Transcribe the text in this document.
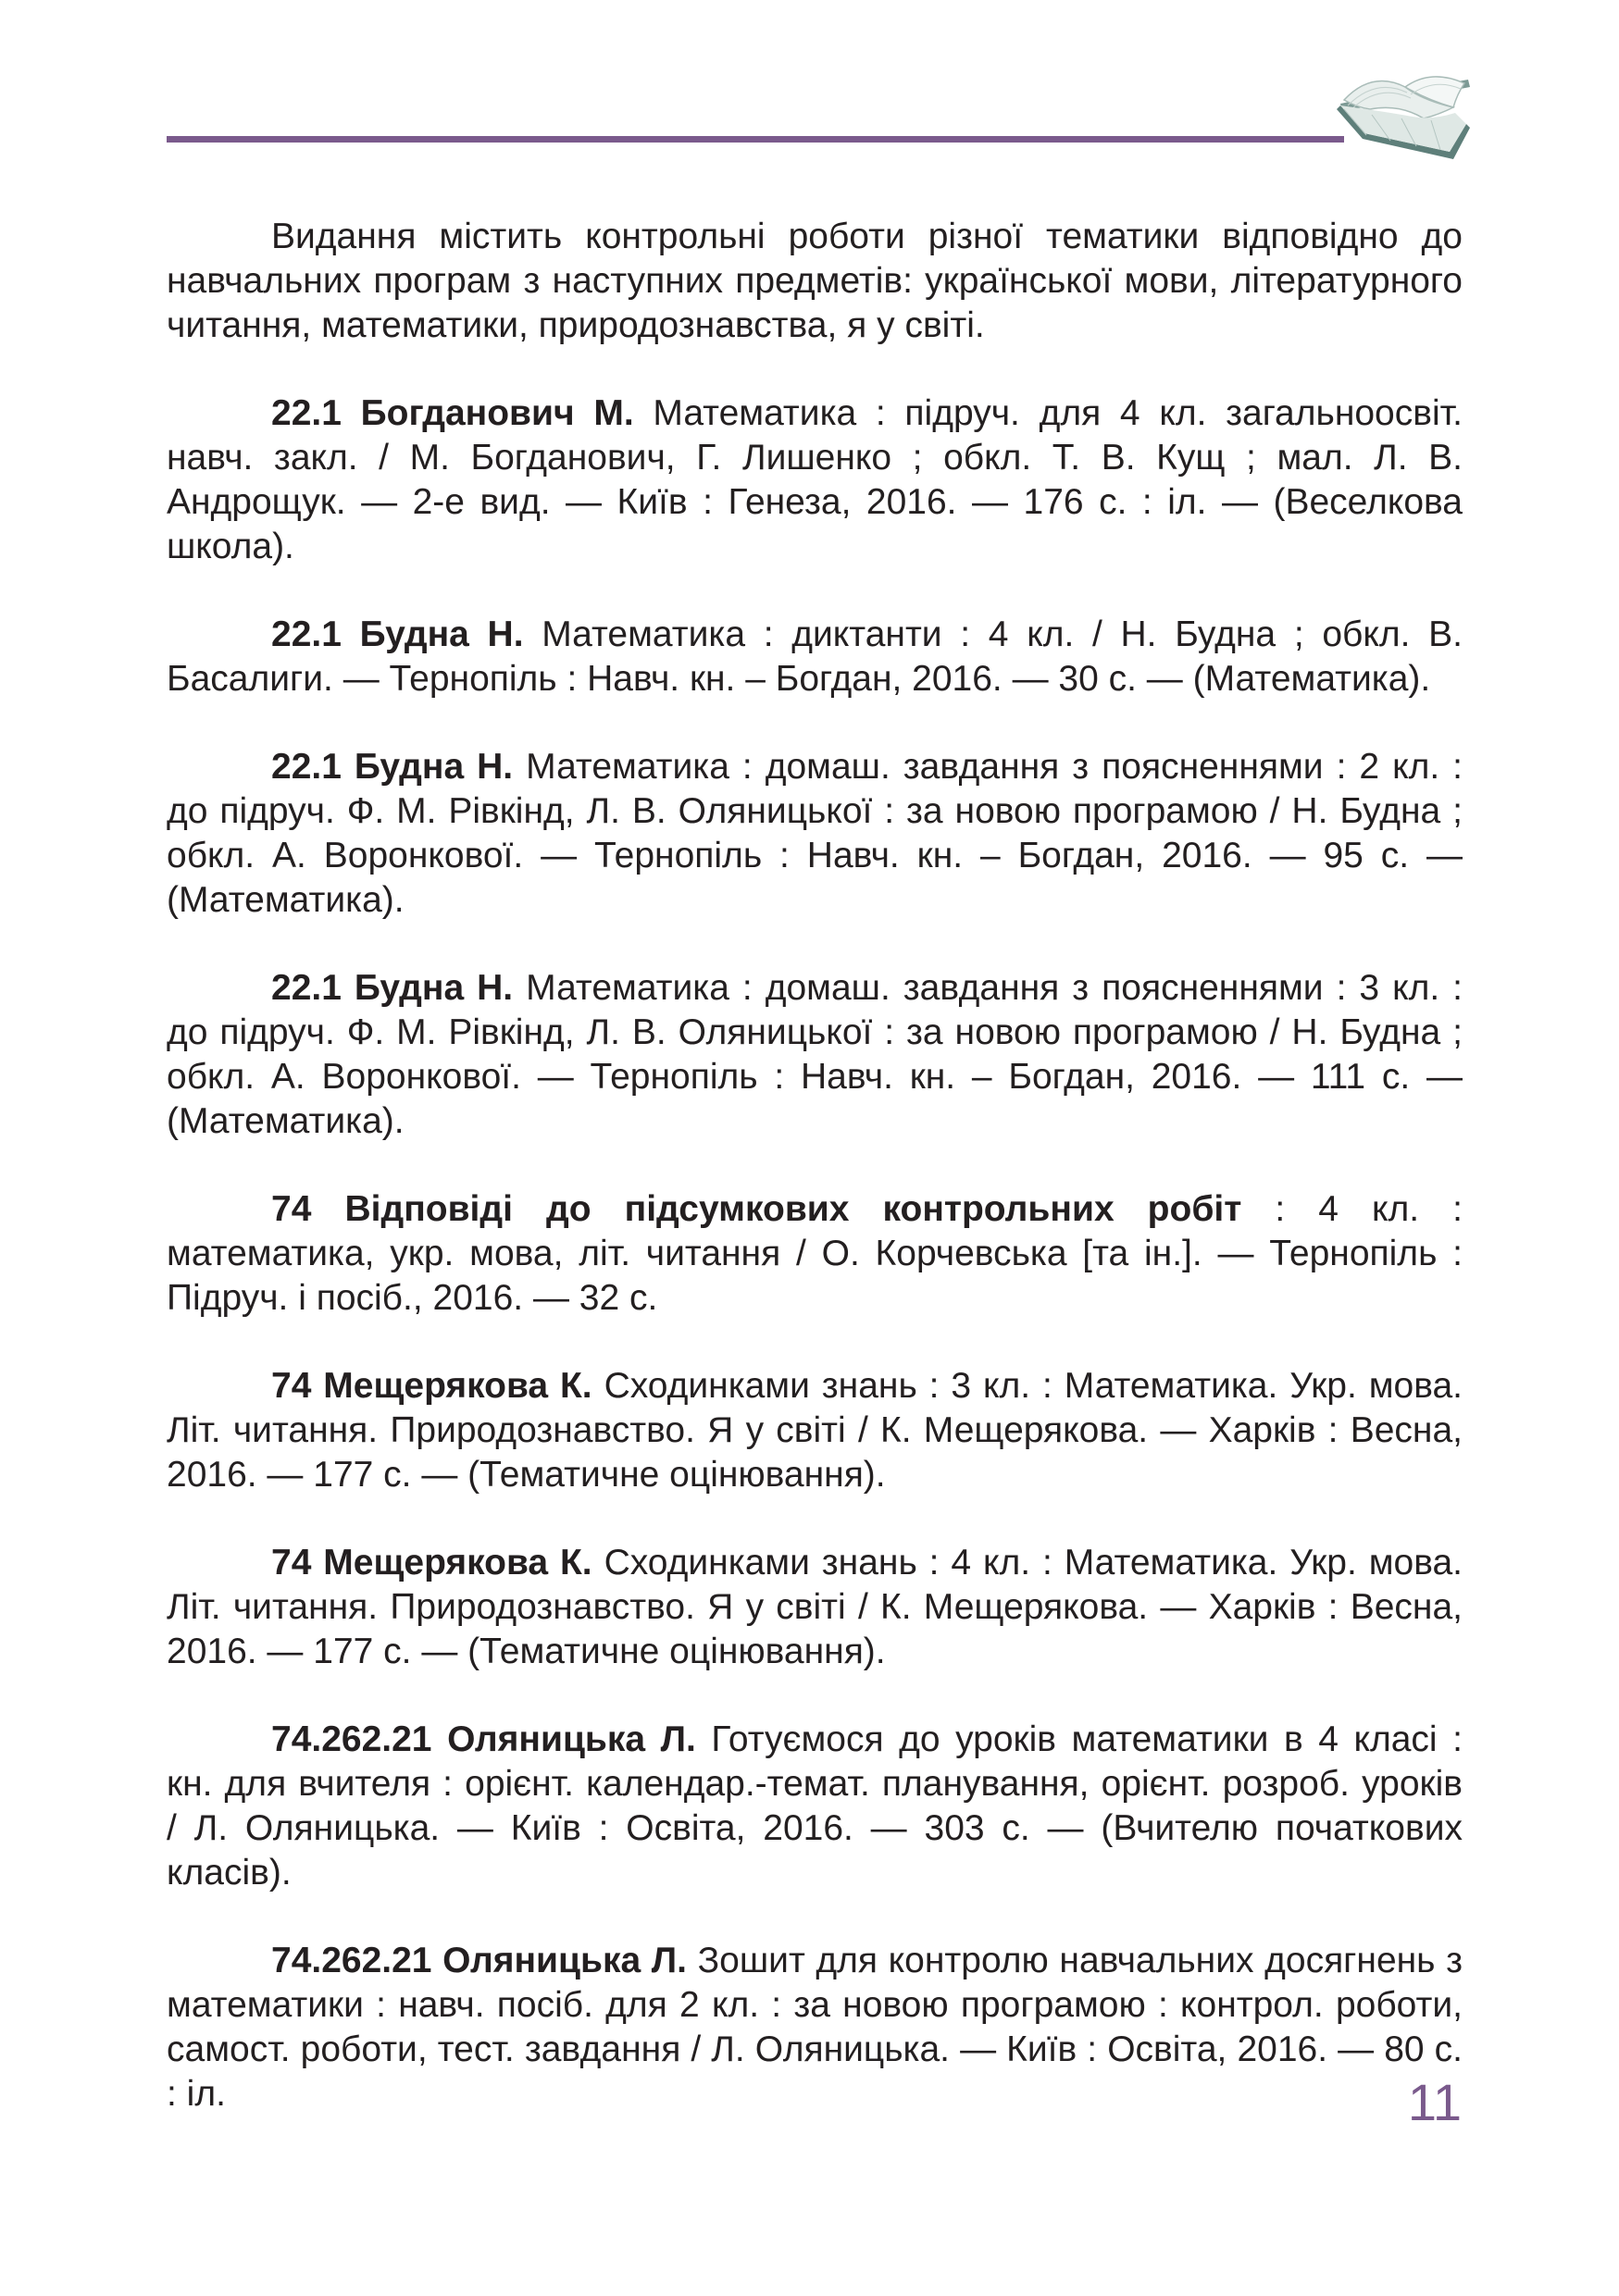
Видання містить контрольні роботи різної тематики відповідно до навчальних програм з наступних предметів: української мови, літературного читання, математики, природознавства, я у світі.

22.1 Богданович М. Математика : підруч. для 4 кл. загальноосвіт. навч. закл. / М. Богданович, Г. Лишенко ; обкл. Т. В. Кущ ; мал. Л. В. Андрощук. — 2-е вид. — Київ : Генеза, 2016. — 176 с. : іл. — (Веселкова школа).

22.1 Будна Н. Математика : диктанти : 4 кл. / Н. Будна ; обкл. В. Басалиги. — Тернопіль : Навч. кн. – Богдан, 2016. — 30 с. — (Математика).

22.1 Будна Н. Математика : домаш. завдання з поясненнями : 2 кл. : до підруч. Ф. М. Рівкінд, Л. В. Оляницької : за новою програмою / Н. Будна ; обкл. А. Воронкової. — Тернопіль : Навч. кн. – Богдан, 2016. — 95 с. — (Математика).

22.1 Будна Н. Математика : домаш. завдання з поясненнями : 3 кл. : до підруч. Ф. М. Рівкінд, Л. В. Оляницької : за новою програмою / Н. Будна ; обкл. А. Воронкової. — Тернопіль : Навч. кн. – Богдан, 2016. — 111 с. — (Математика).

74 Відповіді до підсумкових контрольних робіт : 4 кл. : математика, укр. мова, літ. читання / О. Корчевська [та ін.]. — Тернопіль : Підруч. і посіб., 2016. — 32 с.

74 Мещерякова К. Сходинками знань : 3 кл. : Математика. Укр. мова. Літ. читання. Природознавство. Я у світі / К. Мещерякова. — Харків : Весна, 2016. — 177 с. — (Тематичне оцінювання).

74 Мещерякова К. Сходинками знань : 4 кл. : Математика. Укр. мова. Літ. читання. Природознавство. Я у світі / К. Мещерякова. — Харків : Весна, 2016. — 177 с. — (Тематичне оцінювання).

74.262.21 Оляницька Л. Готуємося до уроків математики в 4 класі : кн. для вчителя : орієнт. календар.-темат. планування, орієнт. розроб. уроків / Л. Оляницька. — Київ : Освіта, 2016. — 303 с. — (Вчителю початкових класів).

74.262.21 Оляницька Л. Зошит для контролю навчальних досягнень з математики : навч. посіб. для 2 кл. : за новою програмою : контрол. роботи, самост. роботи, тест. завдання / Л. Оляницька. — Київ : Освіта, 2016. — 80 с. : іл.	11
